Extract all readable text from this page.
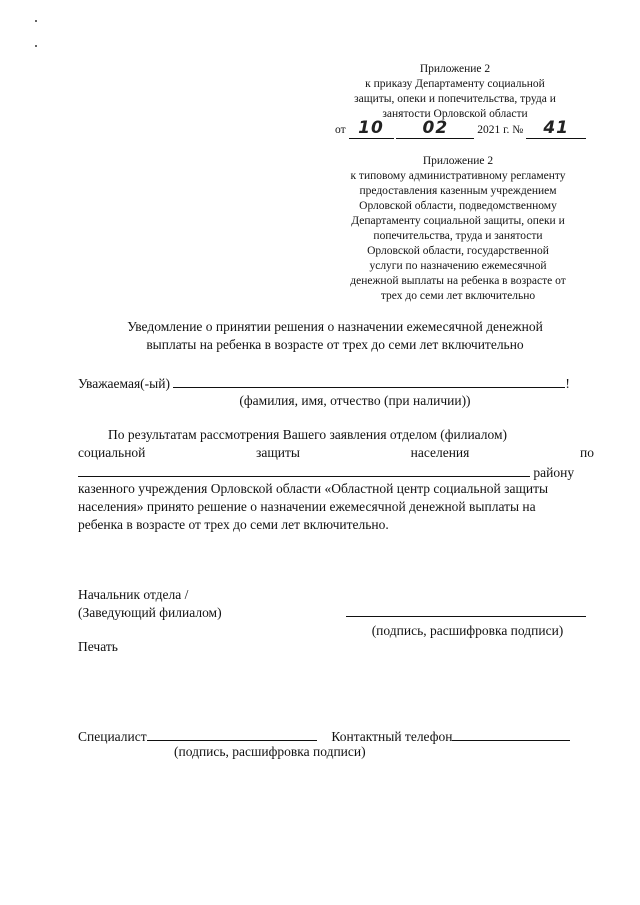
Приложение 2
к приказу Департаменту социальной
защиты, опеки и попечительства, труда и
занятости Орловской области
от 10 02	2021 г. № 41
Приложение 2
к типовому административному регламенту
предоставления казенным учреждением
Орловской области, подведомственному
Департаменту социальной защиты, опеки и
попечительства, труда и занятости
Орловской области, государственной
услуги по назначению ежемесячной
денежной выплаты на ребенка в возрасте от
трех до семи лет включительно
Уведомление о принятии решения о назначении ежемесячной денежной
выплаты на ребенка в возрасте от трех до семи лет включительно
Уважаемая(-ый)	!
(фамилия, имя, отчество (при наличии))
По результатам рассмотрения Вашего заявления отделом (филиалом)
социальной	защиты	населения	по
району
казенного учреждения Орловской области «Областной центр социальной защиты
населения» принято решение о назначении ежемесячной денежной выплаты на
ребенка в возрасте от трех до семи лет включительно.
Начальник отдела /
(Заведующий филиалом)
(подпись, расшифровка подписи)
Печать
Специалист	Контактный телефон
(подпись, расшифровка подписи)
